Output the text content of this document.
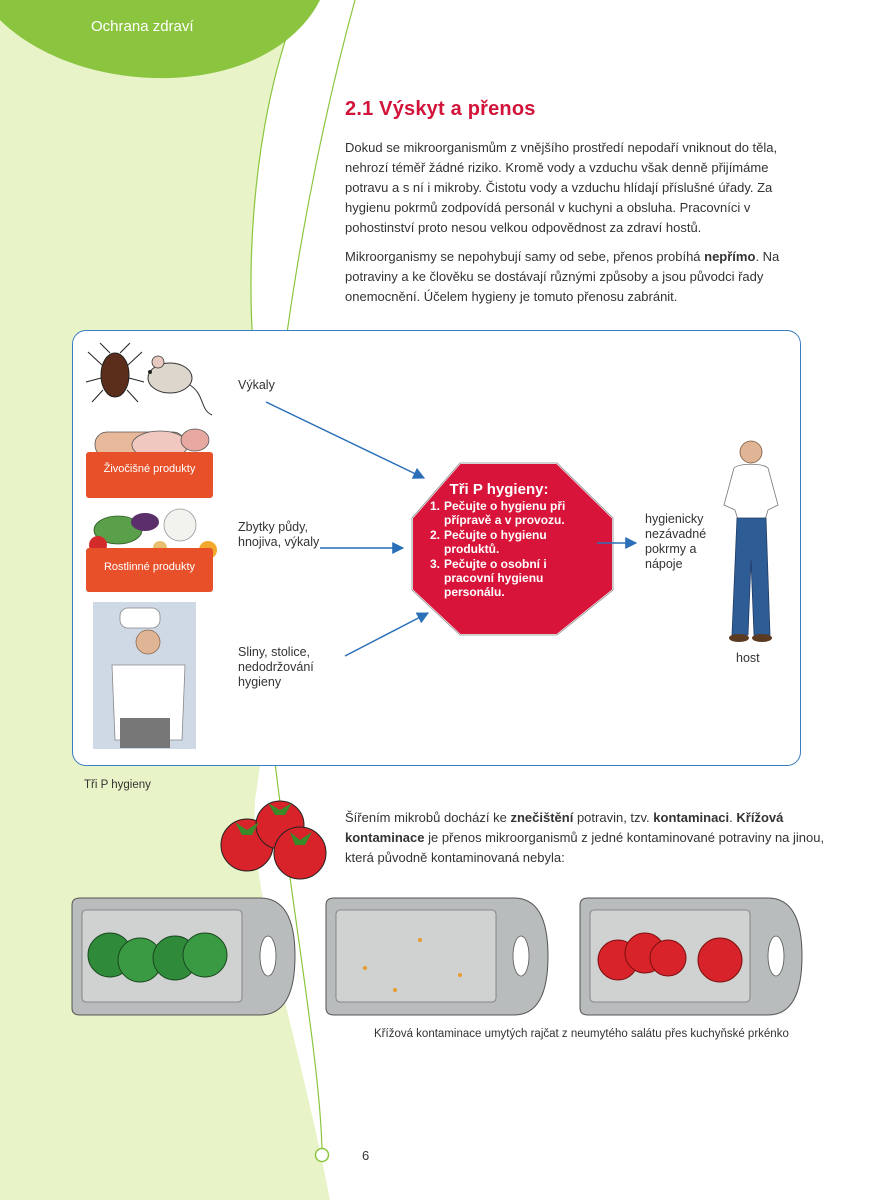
Ochrana zdraví
2.1 Výskyt a přenos

Dokud se mikroorganismům z vnějšího prostředí nepodaří vniknout do těla, nehrozí téměř žádné riziko. Kromě vody a vzduchu však denně přijímáme potravu a s ní i mikroby. Čistotu vody a vzduchu hlídají příslušné úřady. Za hygienu pokrmů zodpovídá personál v kuchyni a obsluha. Pracovníci v pohostinství proto nesou velkou odpovědnost za zdraví hostů.

Mikroorganismy se nepohybují samy od sebe, přenos probíhá nepřímo. Na potraviny a ke člověku se dostávají různými způsoby a jsou původci řady onemocnění. Účelem hygieny je tomuto přenosu zabránit.

Výkaly
Živočišné produkty
Rostlinné produkty
Zbytky půdy, hnojiva, výkaly
Sliny, stolice, nedodržování hygieny
Tři P hygieny:
1. Pečujte o hygienu při přípravě a v provozu.
2. Pečujte o hygienu produktů.
3. Pečujte o osobní i pracovní hygienu personálu.
hygienicky nezávadné pokrmy a nápoje
host
Tři P hygieny

Šířením mikrobů dochází ke znečištění potravin, tzv. kontaminaci. Křížová kontaminace je přenos mikroorganismů z jedné kontaminované potraviny na jinou, která původně kontaminovaná nebyla:

Křížová kontaminace umytých rajčat z neumytého salátu přes kuchyňské prkénko
6
